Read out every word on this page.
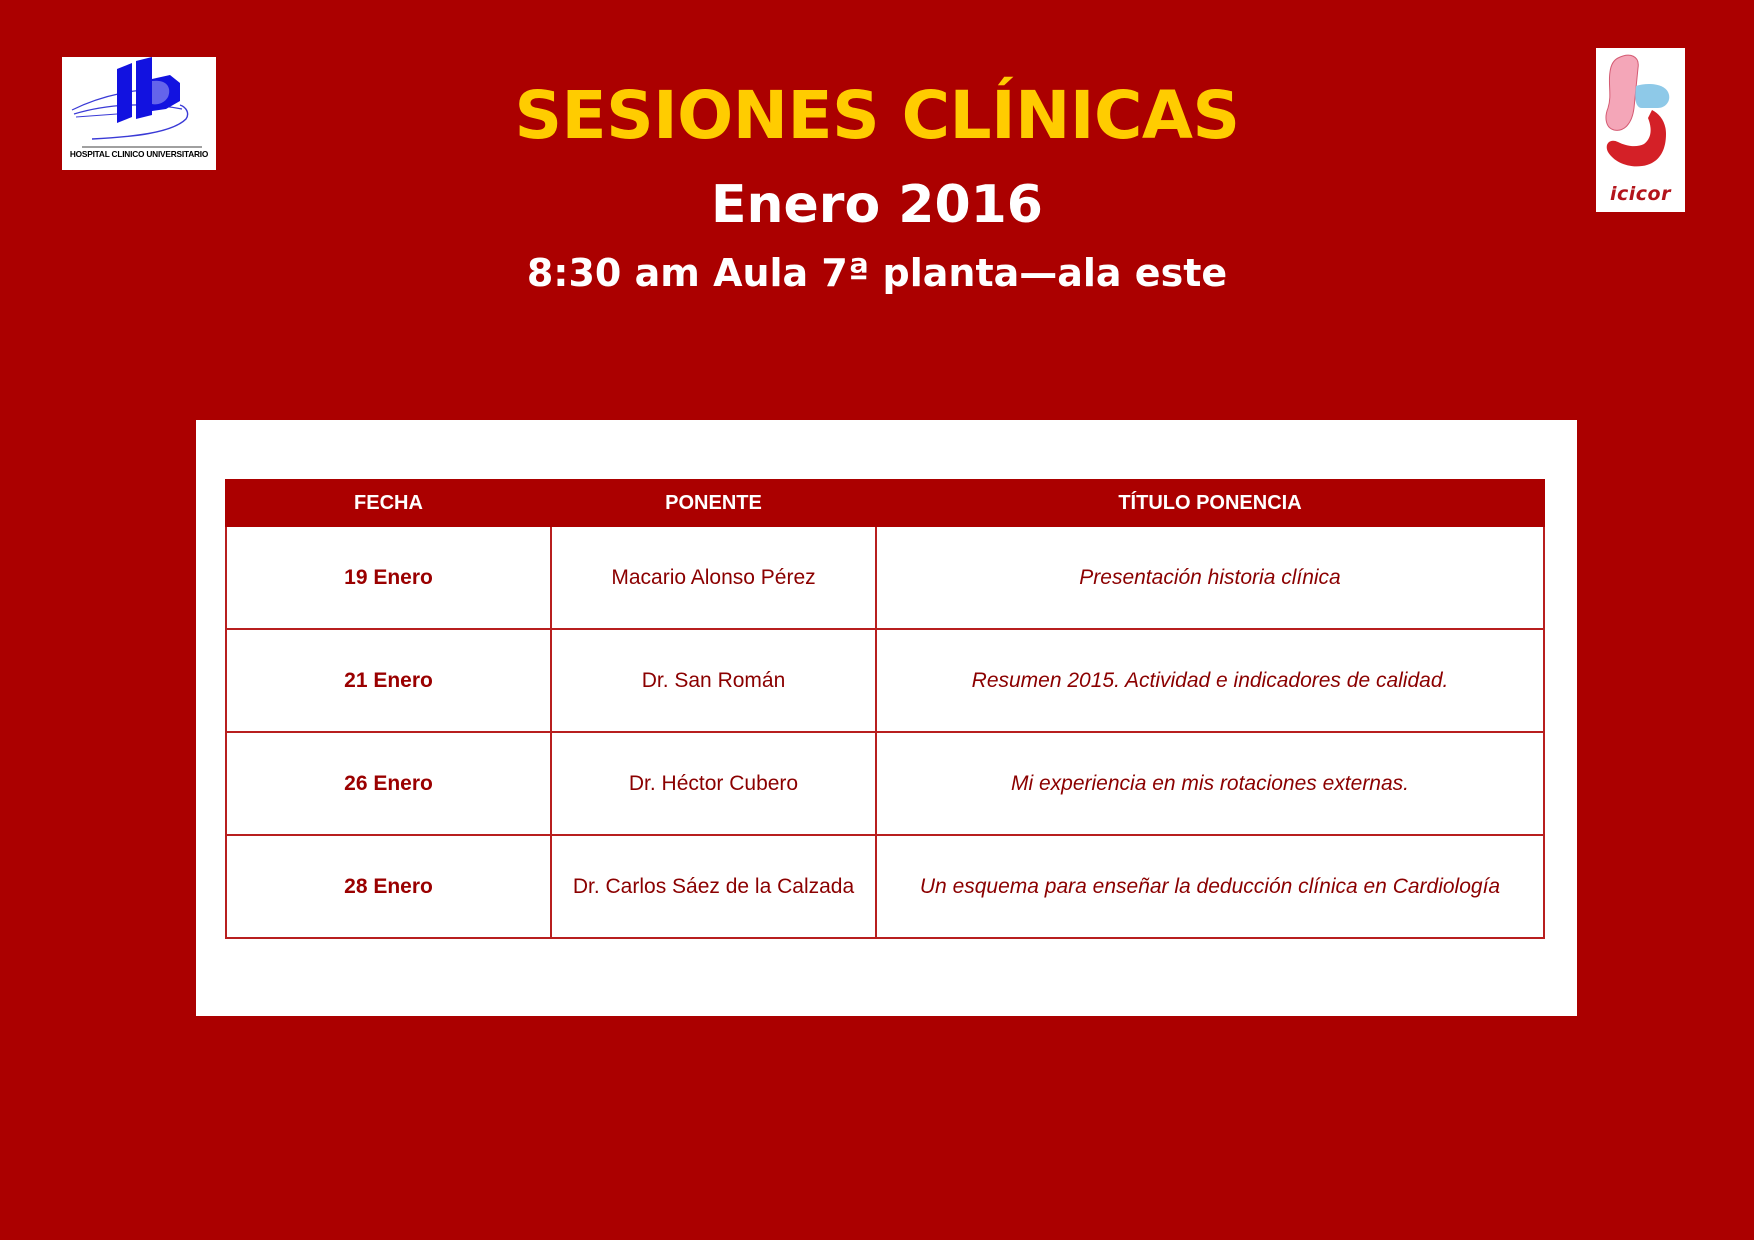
HOSPITAL CLINICO UNIVERSITARIO
icicor
SESIONES CLÍNICAS
Enero 2016
8:30 am Aula 7ª planta—ala este
FECHA	PONENTE	TÍTULO PONENCIA
19 Enero	Macario Alonso Pérez	Presentación historia clínica
21 Enero	Dr. San Román	Resumen 2015. Actividad e indicadores de calidad.
26 Enero	Dr. Héctor Cubero	Mi experiencia en mis rotaciones externas.
28 Enero	Dr. Carlos Sáez de la Calzada	Un esquema para enseñar la deducción clínica en Cardiología
